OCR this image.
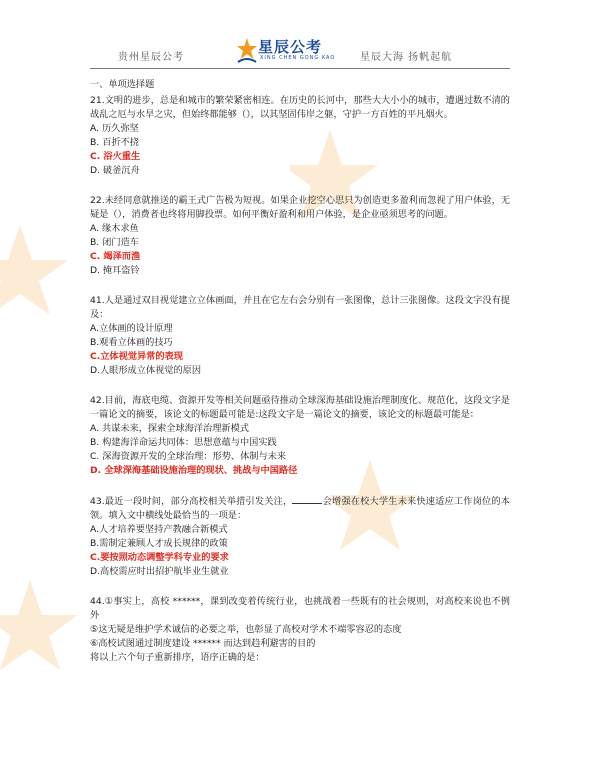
贵州星辰公考
星辰公考
XING CHEN GONG KAO 星辰大海 扬帆起航
一、单项选择题
21.文明的进步，总是和城市的繁荣紧密相连。在历史的长河中，那些大大小小的城市，遭遇过数不清的战乱之厄与水旱之灾，但始终都能够（），以其坚固伟岸之躯，守护一方百姓的平凡烟火。
A. 历久弥坚
B. 百折不挠
C. 浴火重生
D. 破釜沉舟
22.未经同意就推送的霸王式广告极为短视。如果企业挖空心思只为创造更多盈利而忽视了用户体验，无疑是（），消费者也终将用脚投票。如何平衡好盈利和用户体验，是企业亟须思考的问题。
A. 缘木求鱼
B. 闭门造车
C. 竭泽而渔
D. 掩耳盗铃
41.人是通过双目视觉建立立体画面，并且在它左右会分别有一张图像，总计三张图像。这段文字没有提及：
A.立体画的设计原理
B.观看立体画的技巧
C.立体视觉异常的表现
D.人眼形成立体视觉的原因
42.目前，海底电缆、资源开发等相关问题亟待推动全球深海基础设施治理制度化、规范化，这段文字是一篇论文的摘要，该论文的标题最可能是:这段文字是一篇论文的摘要，该论文的标题最可能是：
A. 共谋未来，探索全球海洋治理新模式
B. 构建海洋命运共同体：思想意蕴与中国实践
C. 深海资源开发的全球治理：形势、体制与未来
D. 全球深海基础设施治理的现状、挑战与中国路径
43.最近一段时间，部分高校相关举措引发关注，	会增强在校大学生未来快速适应工作岗位的本领。填入文中横线处最恰当的一项是：
A.人才培养要坚持产教融合新模式
B.需制定兼顾人才成长规律的政策
C.要按照动态调整学科专业的要求
D.高校需应时出招护航毕业生就业
44.①事实上，高校 ******，课到改变着传统行业，也挑战着一些既有的社会规则，对高校来说也不例外
⑤这无疑是维护学术诚信的必要之举，也彰显了高校对学术不端零容忍的态度
⑥高校试图通过制度建设 ****** 而达到趋利避害的目的
将以上六个句子重新排序，语序正确的是：
